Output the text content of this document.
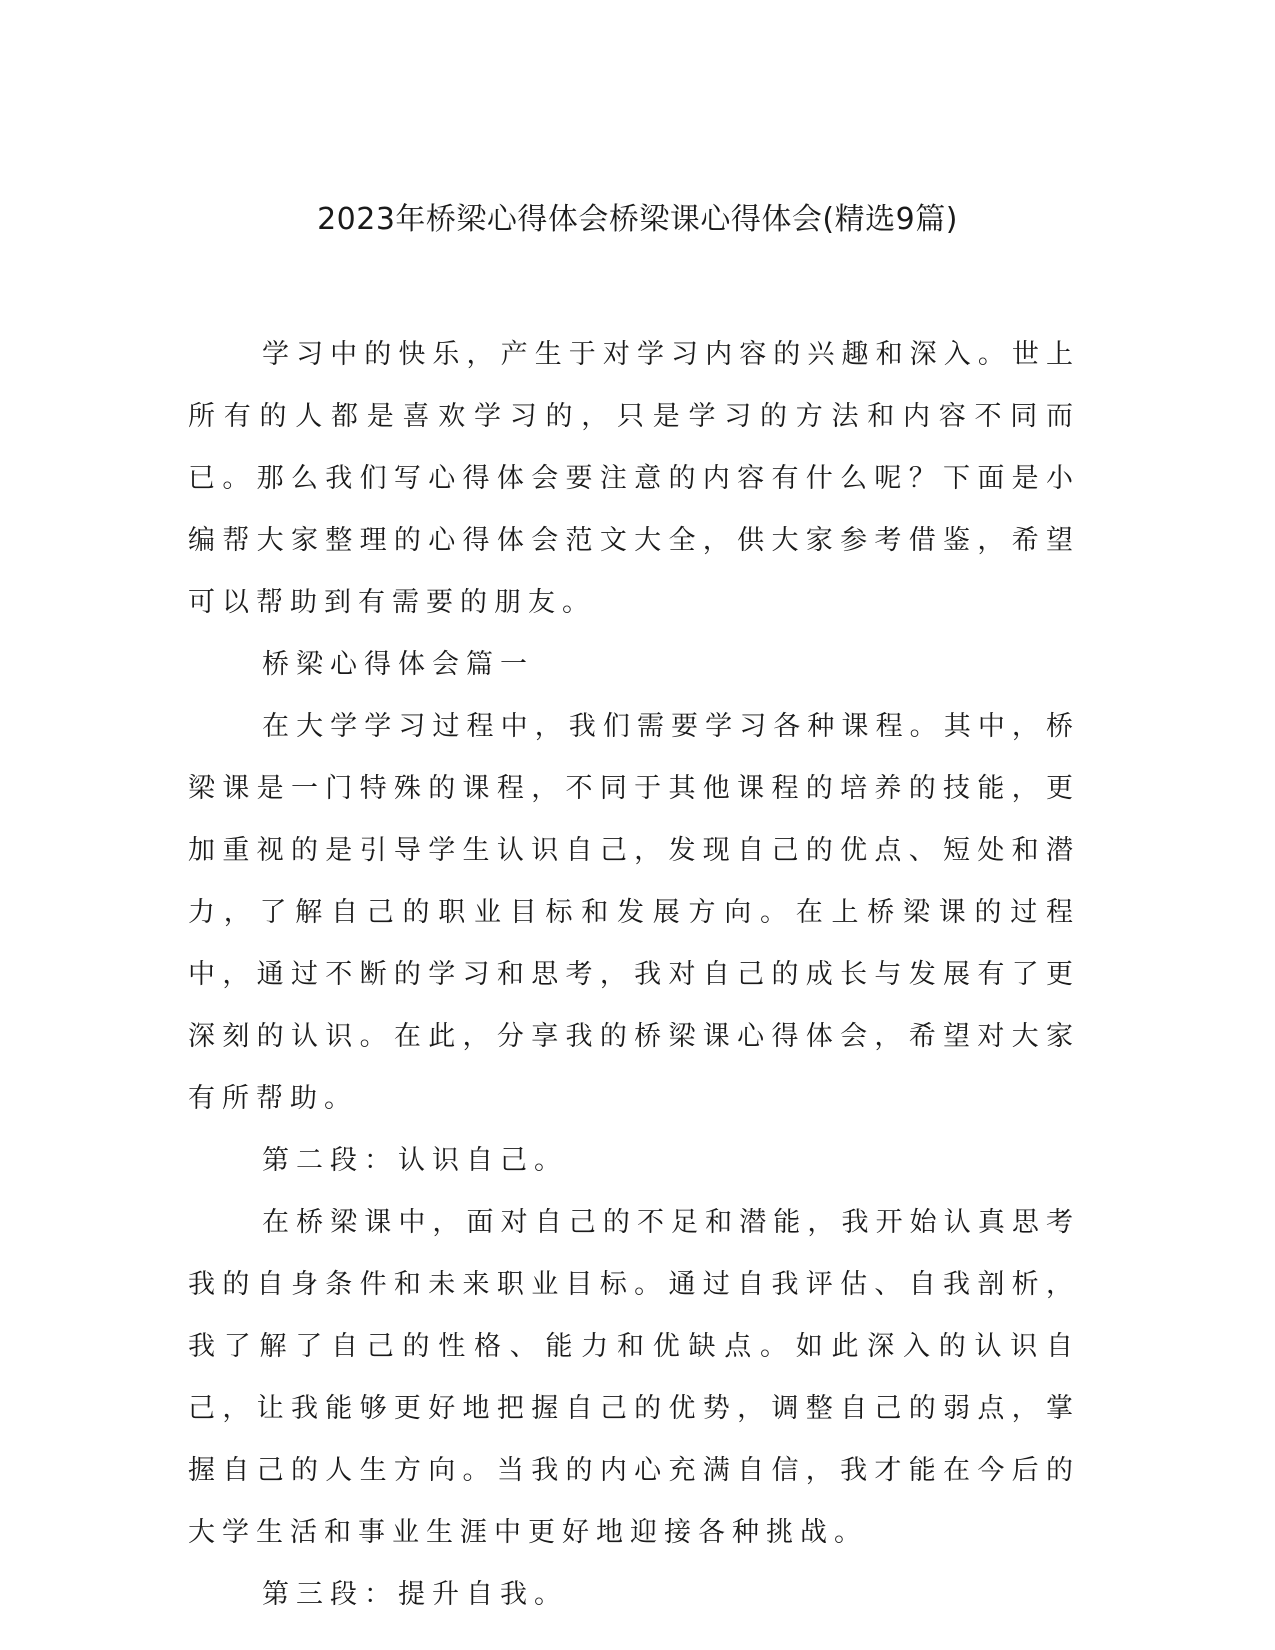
2023年桥梁心得体会桥梁课心得体会(精选9篇)

学习中的快乐，产生于对学习内容的兴趣和深入。世上所有的人都是喜欢学习的，只是学习的方法和内容不同而已。那么我们写心得体会要注意的内容有什么呢？下面是小编帮大家整理的心得体会范文大全，供大家参考借鉴，希望可以帮助到有需要的朋友。

桥梁心得体会篇一

在大学学习过程中，我们需要学习各种课程。其中，桥梁课是一门特殊的课程，不同于其他课程的培养的技能，更加重视的是引导学生认识自己，发现自己的优点、短处和潜力，了解自己的职业目标和发展方向。在上桥梁课的过程中，通过不断的学习和思考，我对自己的成长与发展有了更深刻的认识。在此，分享我的桥梁课心得体会，希望对大家有所帮助。

第二段：认识自己。

在桥梁课中，面对自己的不足和潜能，我开始认真思考我的自身条件和未来职业目标。通过自我评估、自我剖析，我了解了自己的性格、能力和优缺点。如此深入的认识自己，让我能够更好地把握自己的优势，调整自己的弱点，掌握自己的人生方向。当我的内心充满自信，我才能在今后的大学生活和事业生涯中更好地迎接各种挑战。

第三段：提升自我。
